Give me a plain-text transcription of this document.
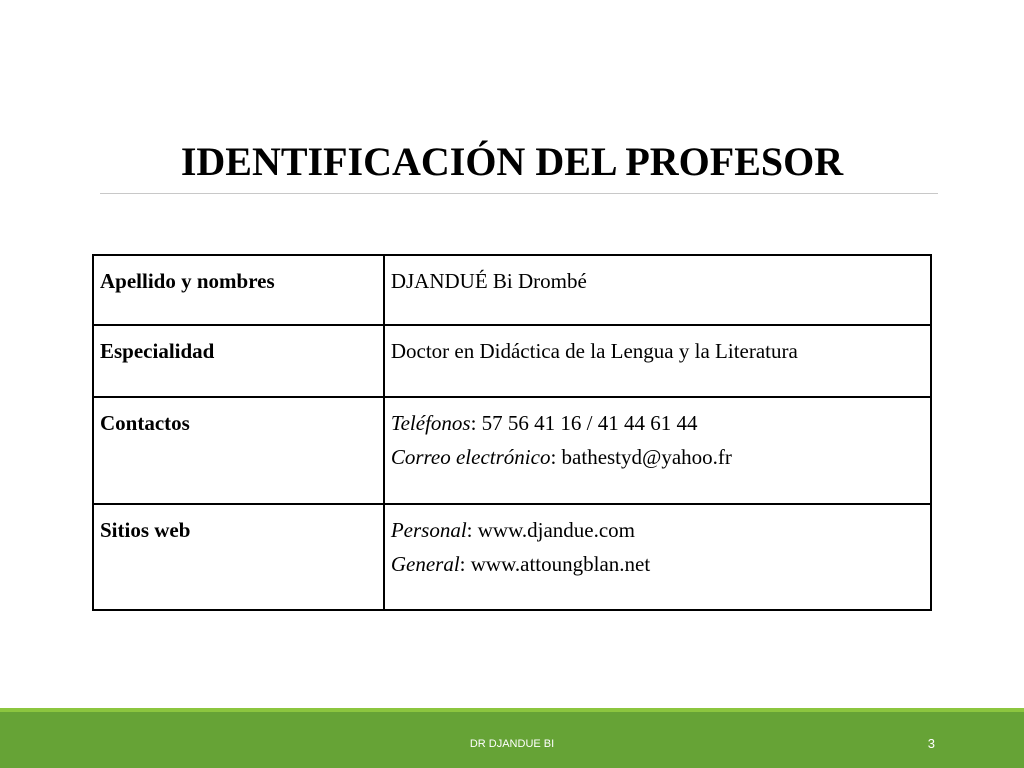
IDENTIFICACIÓN DEL PROFESOR
Apellido y nombres	DJANDUÉ Bi Drombé
Especialidad	Doctor en Didáctica de la Lengua y la Literatura
Contactos	Teléfonos: 57 56 41 16 / 41 44 61 44
Correo electrónico: bathestyd@yahoo.fr

Sitios web	Personal: www.djandue.com
General: www.attoungblan.net
DR DJANDUE BI	3
